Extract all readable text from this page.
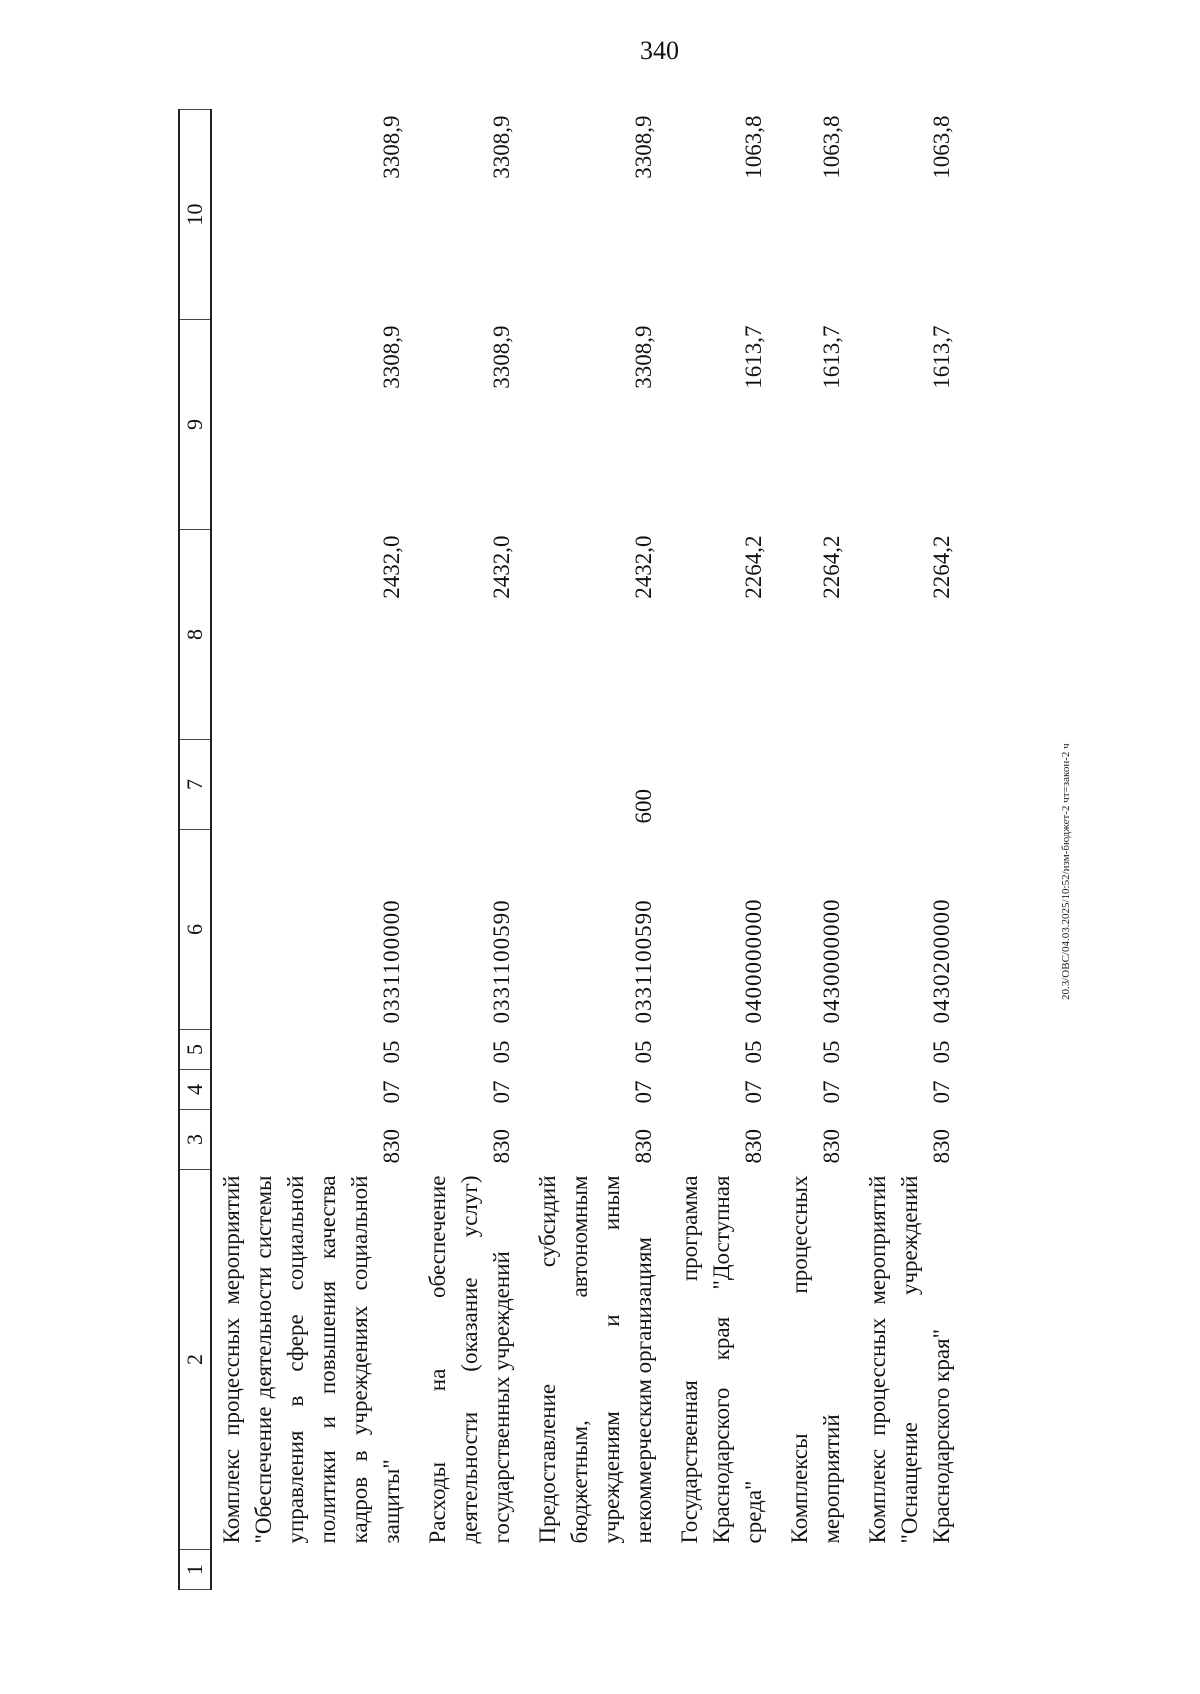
340
20.3/ОВС/04.03.2025/10:52/изм-бюджет-2 чт=закон-2 ч
1	2	3	4	5	6	7	8	9	10
	Комплекс процессных мероприятий "Обеспечение деятельности системы управления в сфере социальной политики и повышения качества кадров в учреждениях социальной защиты"	830	07	05	0331100000		2432,0	3308,9	3308,9
	Расходы на обеспечение деятельности (оказание услуг) государственных учреждений	830	07	05	0331100590		2432,0	3308,9	3308,9
	Предоставление субсидий бюджетным, автономным учреждениям и иным некоммерческим организациям	830	07	05	0331100590	600	2432,0	3308,9	3308,9
	Государственная программа Краснодарского края "Доступная среда"	830	07	05	0400000000		2264,2	1613,7	1063,8
	Комплексы процессных мероприятий	830	07	05	0430000000		2264,2	1613,7	1063,8
	Комплекс процессных мероприятий "Оснащение учреждений Краснодарского края"	830	07	05	0430200000		2264,2	1613,7	1063,8
